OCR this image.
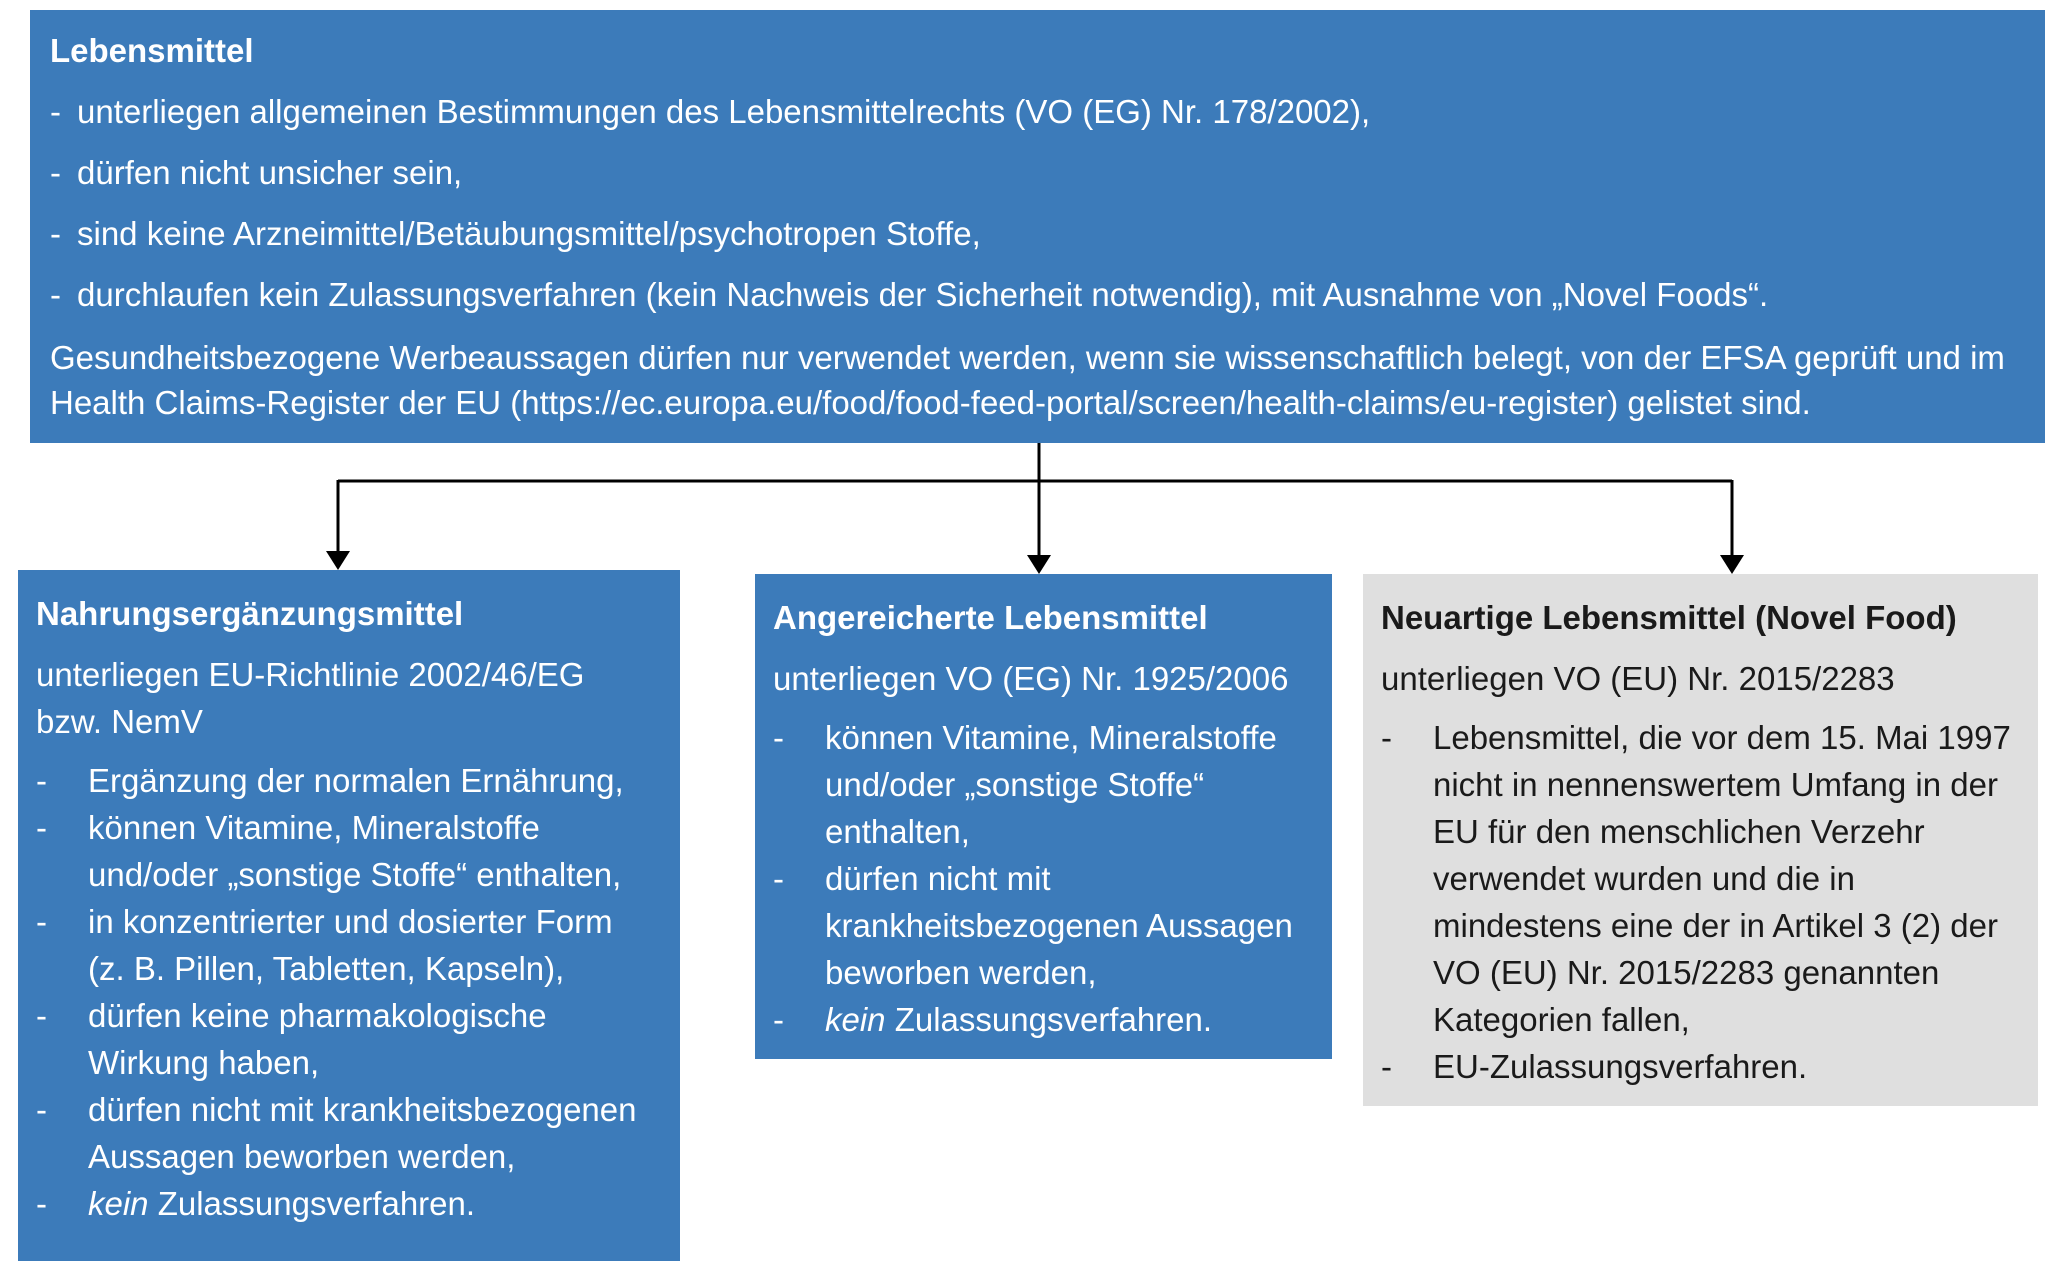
Lebensmittel
- unterliegen allgemeinen Bestimmungen des Lebensmittelrechts (VO (EG) Nr. 178/2002),
- dürfen nicht unsicher sein,
- sind keine Arzneimittel/Betäubungsmittel/psychotropen Stoffe,
- durchlaufen kein Zulassungsverfahren (kein Nachweis der Sicherheit notwendig), mit Ausnahme von „Novel Foods“.
Gesundheitsbezogene Werbeaussagen dürfen nur verwendet werden, wenn sie wissenschaftlich belegt, von der EFSA geprüft und im Health Claims-Register der EU (https://ec.europa.eu/food/food-feed-portal/screen/health-claims/eu-register) gelistet sind.
Nahrungsergänzungsmittel
unterliegen EU-Richtlinie 2002/46/EG bzw. NemV
-	Ergänzung der normalen Ernährung,
-	können Vitamine, Mineralstoffe und/oder „sonstige Stoffe“ enthalten,
-	in konzentrierter und dosierter Form (z. B. Pillen, Tabletten, Kapseln),
-	dürfen keine pharmakologische Wirkung haben,
-	dürfen nicht mit krankheitsbezogenen Aussagen beworben werden,
-	kein Zulassungsverfahren.
Angereicherte Lebensmittel
unterliegen VO (EG) Nr. 1925/2006
-	können Vitamine, Mineralstoffe und/oder „sonstige Stoffe“ enthalten,
-	dürfen nicht mit krankheitsbezogenen Aussagen beworben werden,
-	kein Zulassungsverfahren.
Neuartige Lebensmittel (Novel Food)
unterliegen VO (EU) Nr. 2015/2283
-	Lebensmittel, die vor dem 15. Mai 1997 nicht in nennenswertem Umfang in der EU für den menschlichen Verzehr verwendet wurden und die in mindestens eine der in Artikel 3 (2) der VO (EU) Nr. 2015/2283 genannten Kategorien fallen,
-	EU-Zulassungsverfahren.
